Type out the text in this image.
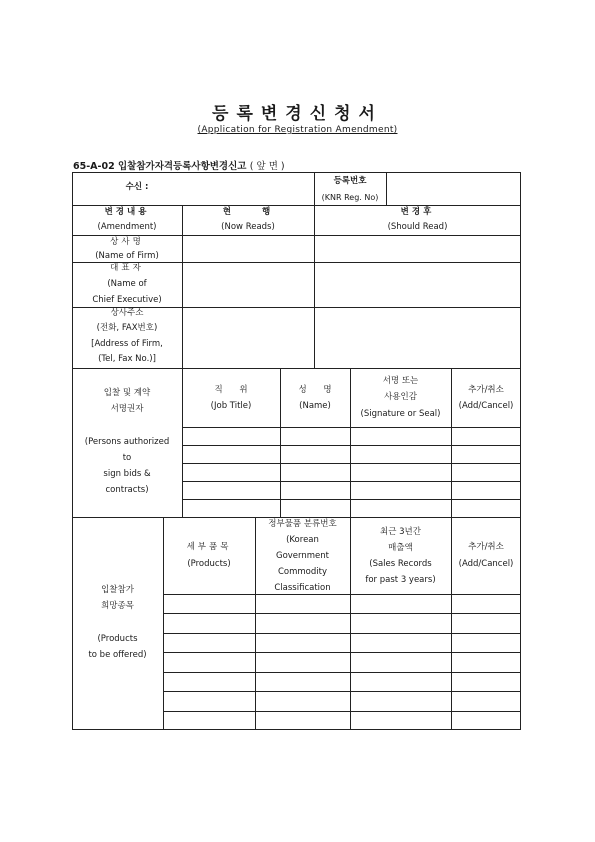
등록변경신청서
(Application for Registration Amendment)
65-A-02 입찰참가자격등록사항변경신고 ( 앞 면 )
수신 :
등록번호
(KNR Reg. No)
변경내용
(Amendment)
현 행
(Now Reads)
변경후
(Should Read)
상사명
(Name of Firm)
대표자
(Name of
Chief Executive)
상사주소
(전화, FAX번호)
[Address of Firm,
(Tel, Fax No.)]
입찰 및 계약
서명권자
(Persons authorized
to
sign bids &
contracts)
직 위
(Job Title)
성 명
(Name)
서명 또는
사용인감
(Signature or Seal)
추가/취소
(Add/Cancel)
입찰참가
희망종목
(Products
to be offered)
세부품목
(Products)
정부물품 분류번호
(Korean
Government
Commodity
Classification
최근 3년간
매출액
(Sales Records
for past 3 years)
추가/취소
(Add/Cancel)
